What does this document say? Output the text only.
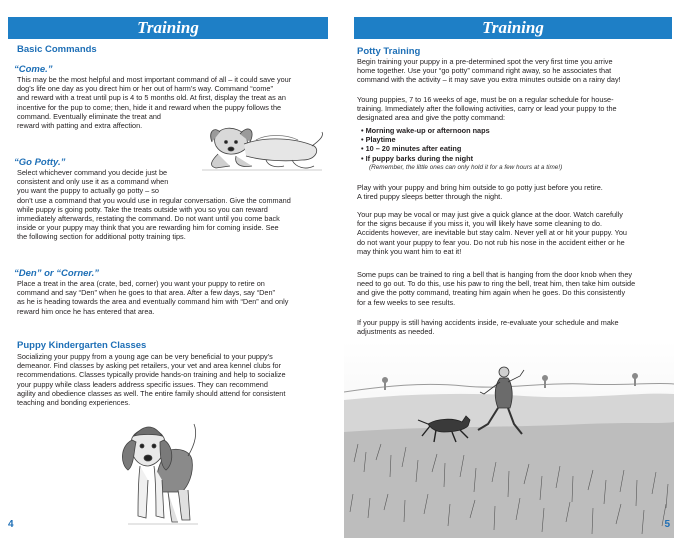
Training
Basic Commands
“Come.”
This may be the most helpful and most important command of all – it could save your
dog’s life one day as you direct him or her out of harm’s way. Command “come”
and reward with a treat until pup is 4 to 5 months old. At first, display the treat as an
incentive for the pup to come; then, hide it and reward when the puppy follows the
command. Eventually eliminate the treat and
reward with patting and extra affection.
“Go Potty.”
Select whichever command you decide just be
consistent and only use it as a command when
you want the puppy to actually go potty – so
don’t use a command that you would use in regular conversation. Give the command
while puppy is going potty. Take the treats outside with you so you can reward
immediately afterwards, restating the command. Do not want until you come back
inside or your puppy may think that you are rewarding him for coming inside. See
the following section for additional potty training tips.
“Den” or “Corner.”
Place a treat in the area (crate, bed, corner) you want your puppy to retire on
command and say “Den” when he goes to that area. After a few days, say “Den”
as he is heading towards the area and eventually command him with “Den” and only
reward him once he has entered that area.
Puppy Kindergarten Classes
Socializing your puppy from a young age can be very beneficial to your puppy’s
demeanor. Find classes by asking pet retailers, your vet and area kennel clubs for
recommendations. Classes typically provide hands-on training and help to socialize
your puppy while class leaders address specific issues. They can recommend
agility and obedience classes as well. The entire family should attend for consistent
teaching and bonding experiences.
4
Training
Potty Training
Begin training your puppy in a pre-determined spot the very first time you arrive
home together. Use your “go potty” command right away, so he associates that
command with the activity – it may save you extra minutes outside on a rainy day!
Young puppies, 7 to 16 weeks of age, must be on a regular schedule for house-
training. Immediately after the following activities, carry or lead your puppy to the
designated area and give the potty command:
• Morning wake-up or afternoon naps
• Playtime
• 10 – 20 minutes after eating
• If puppy barks during the night
(Remember, the little ones can only hold it for a few hours at a time!)
Play with your puppy and bring him outside to go potty just before you retire.
A tired puppy sleeps better through the night.
Your pup may be vocal or may just give a quick glance at the door. Watch carefully
for the signs because if you miss it, you will likely have some cleaning to do.
Accidents however, are inevitable but stay calm. Never yell at or hit your puppy. You
do not want your puppy to fear you. Do not rub his nose in the accident either or he
may think you want him to eat it!
Some pups can be trained to ring a bell that is hanging from the door knob when they
need to go out. To do this, use his paw to ring the bell, treat him, then take him outside
and give the potty command, treating him again when he goes. Do this consistently
for a few weeks to see results.
If your puppy is still having accidents inside, re-evaluate your schedule and make
adjustments as needed.
5
